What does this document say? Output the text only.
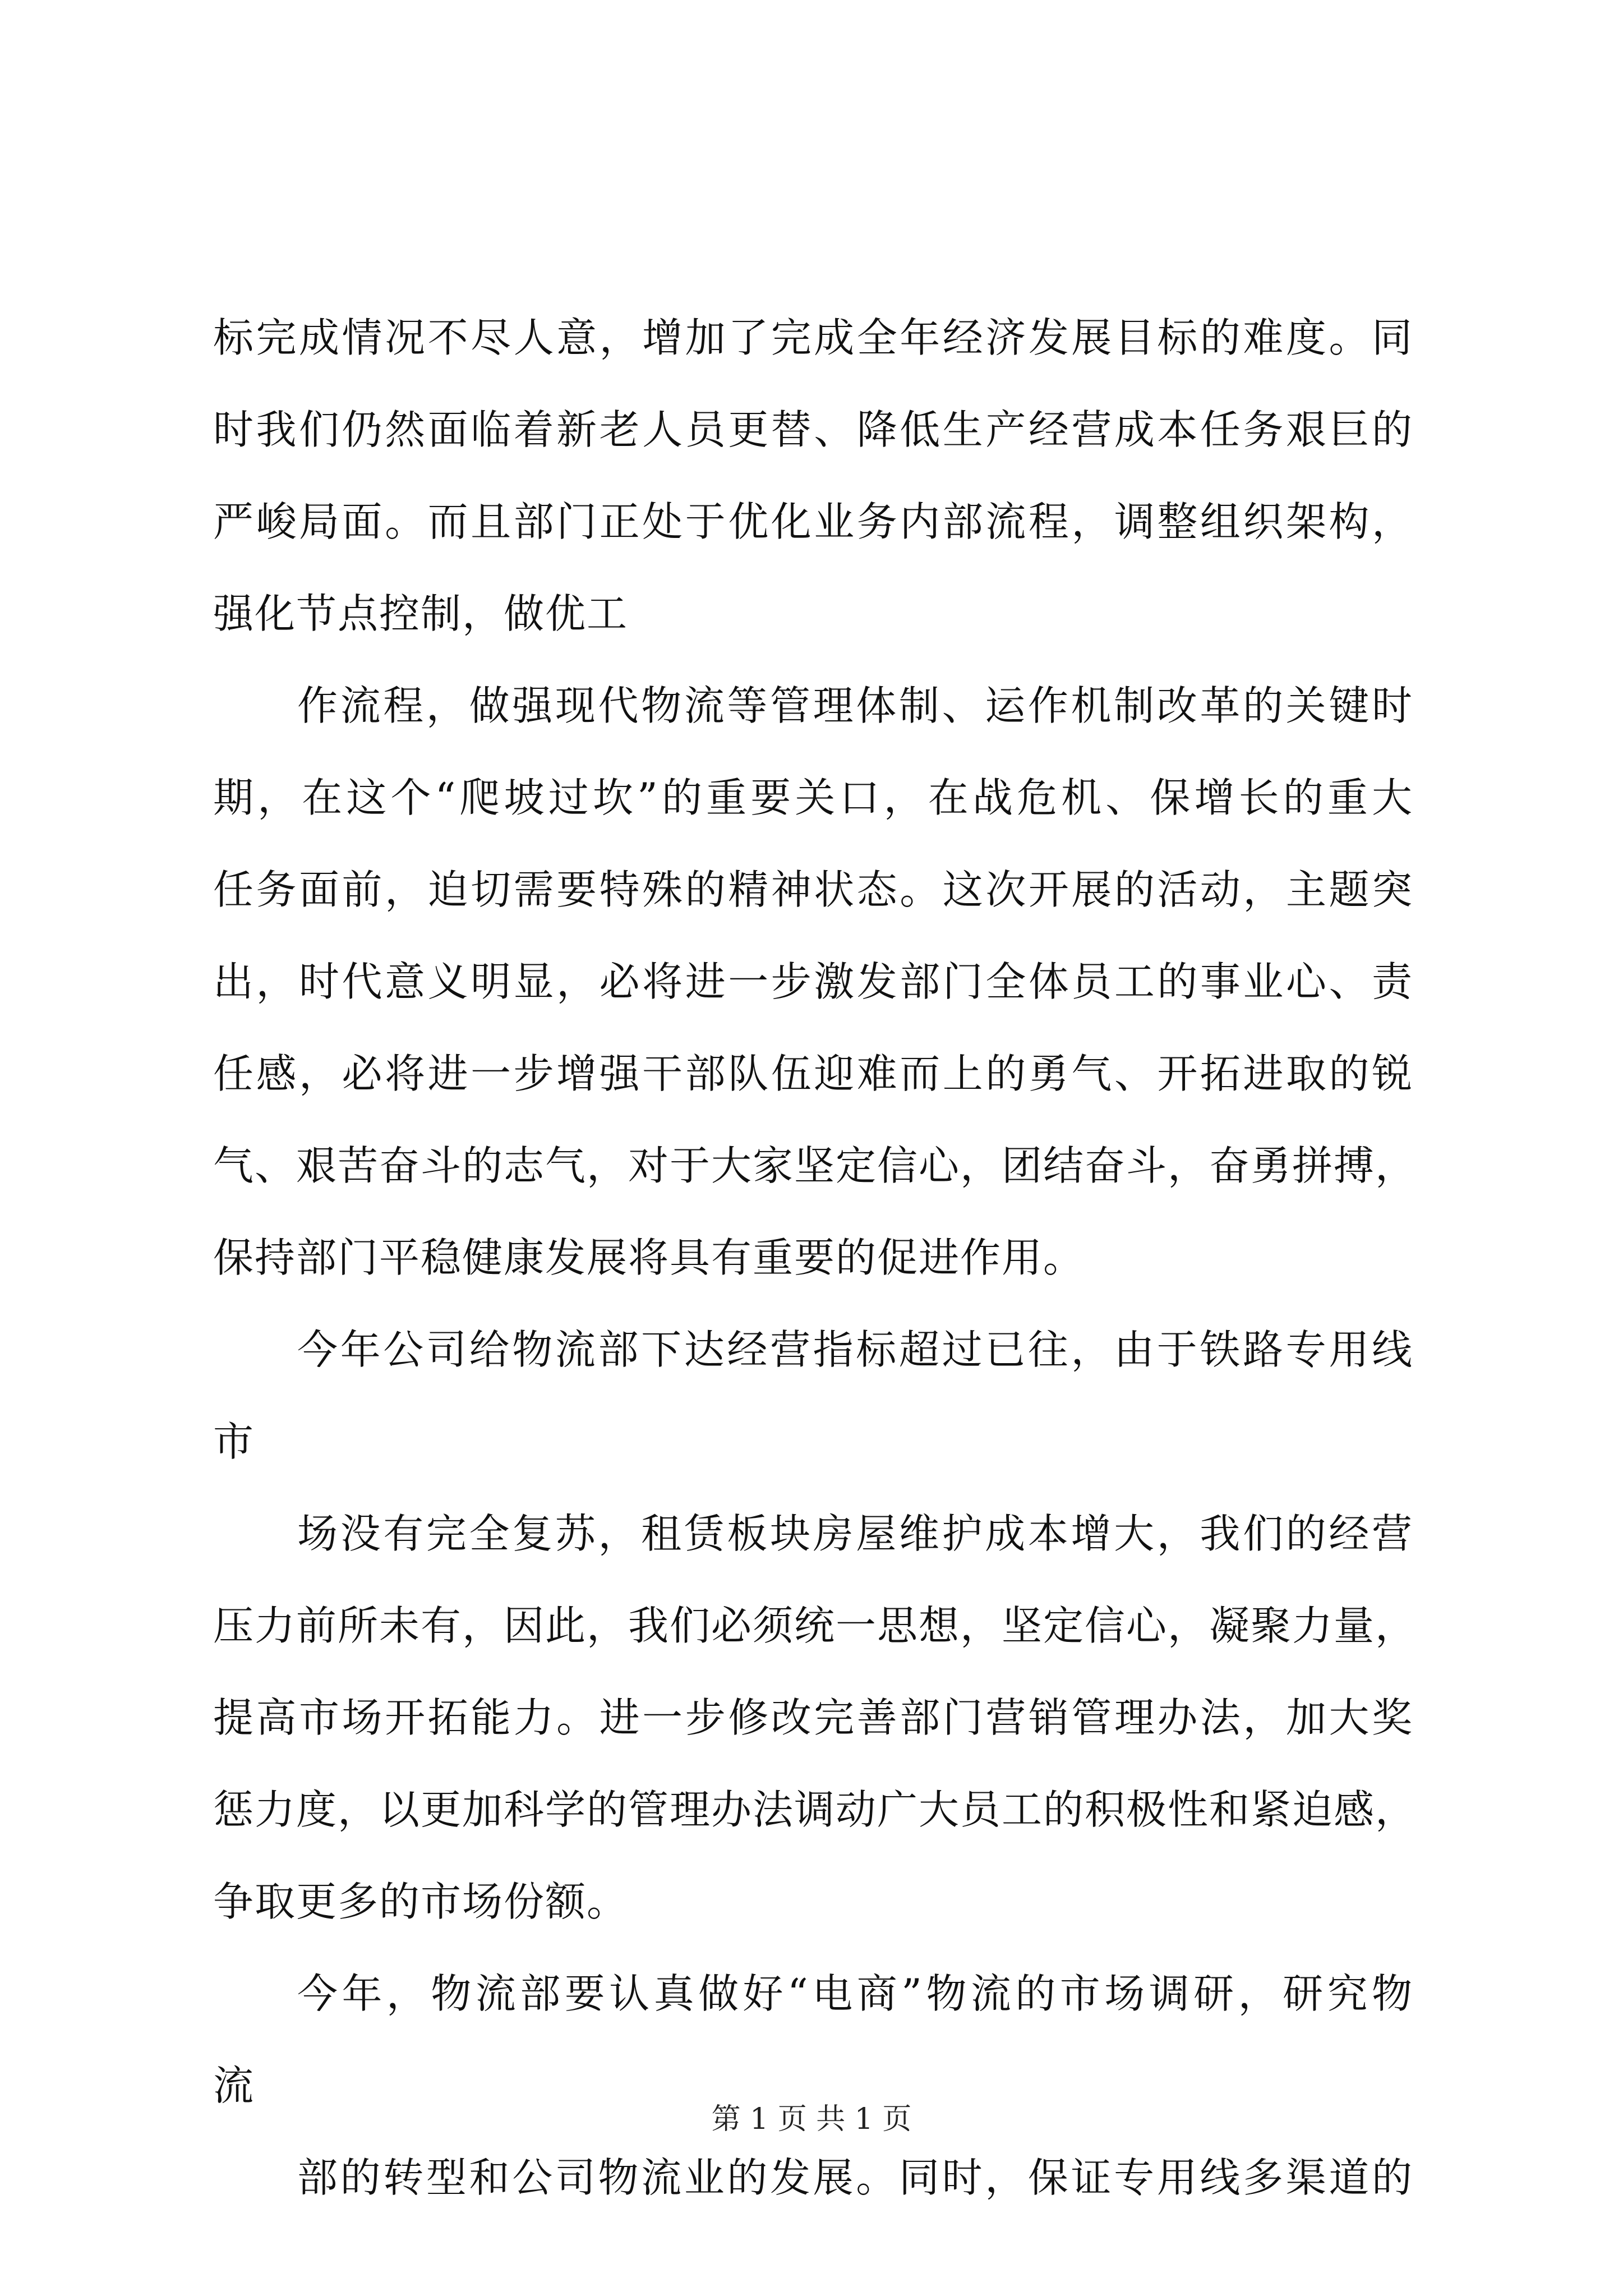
标完成情况不尽人意，增加了完成全年经济发展目标的难度。同
时我们仍然面临着新老人员更替、降低生产经营成本任务艰巨的
严峻局面。而且部门正处于优化业务内部流程，调整组织架构，
强化节点控制，做优工
作流程，做强现代物流等管理体制、运作机制改革的关键时
期，在这个“爬坡过坎”的重要关口，在战危机、保增长的重大
任务面前，迫切需要特殊的精神状态。这次开展的活动，主题突
出，时代意义明显，必将进一步激发部门全体员工的事业心、责
任感，必将进一步增强干部队伍迎难而上的勇气、开拓进取的锐
气、艰苦奋斗的志气，对于大家坚定信心，团结奋斗，奋勇拼搏，
保持部门平稳健康发展将具有重要的促进作用。
今年公司给物流部下达经营指标超过已往，由于铁路专用线
市
场没有完全复苏，租赁板块房屋维护成本增大，我们的经营
压力前所未有，因此，我们必须统一思想，坚定信心，凝聚力量，
提高市场开拓能力。进一步修改完善部门营销管理办法，加大奖
惩力度，以更加科学的管理办法调动广大员工的积极性和紧迫感，
争取更多的市场份额。
今年，物流部要认真做好“电商”物流的市场调研，研究物
流
部的转型和公司物流业的发展。同时，保证专用线多渠道的
第 1 页 共 1 页
